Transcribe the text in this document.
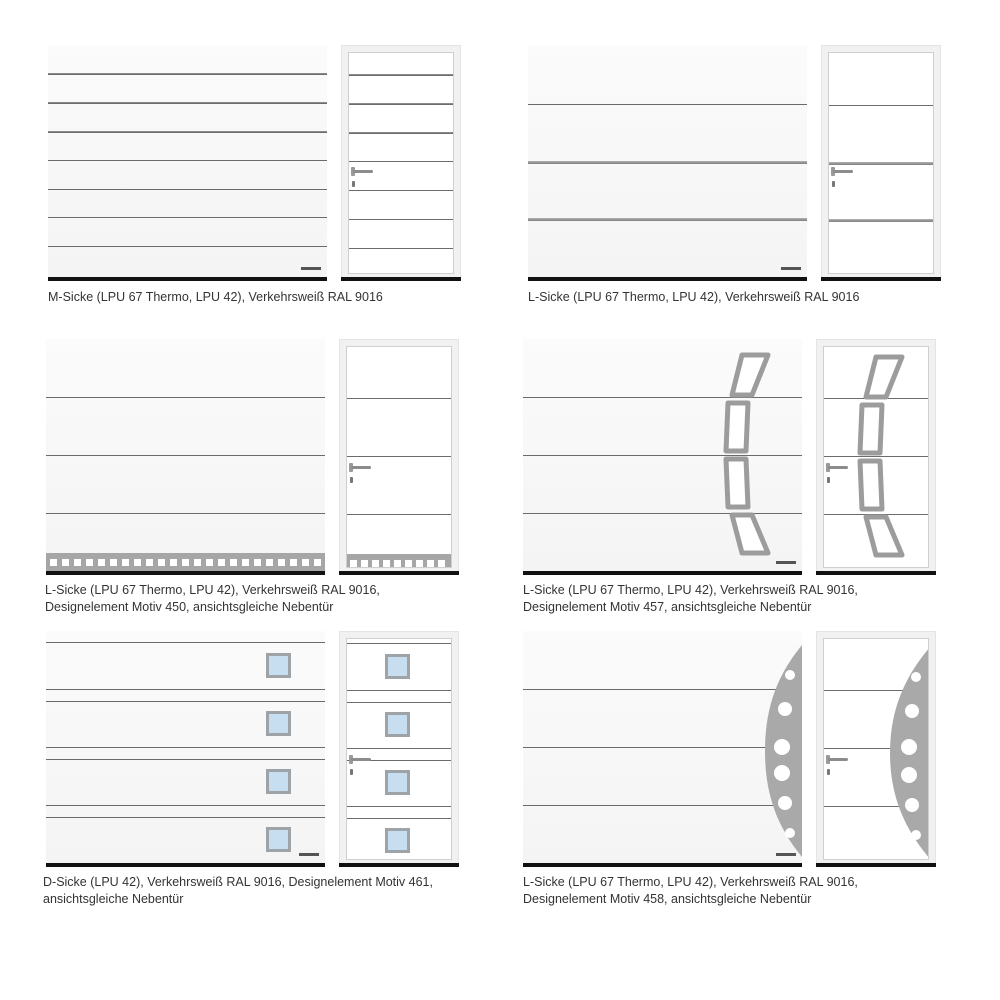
M-Sicke (LPU 67 Thermo, LPU 42), Verkehrsweiß RAL 9016	L-Sicke (LPU 67 Thermo, LPU 42), Verkehrsweiß RAL 9016
L-Sicke (LPU 67 Thermo, LPU 42), Verkehrsweiß RAL 9016,
Designelement Motiv 450, ansichtsgleiche Nebentür
L-Sicke (LPU 67 Thermo, LPU 42), Verkehrsweiß RAL 9016,
Designelement Motiv 457, ansichtsgleiche Nebentür
D-Sicke (LPU 42), Verkehrsweiß RAL 9016, Designelement Motiv 461,
ansichtsgleiche Nebentür
L-Sicke (LPU 67 Thermo, LPU 42), Verkehrsweiß RAL 9016,
Designelement Motiv 458, ansichtsgleiche Nebentür
